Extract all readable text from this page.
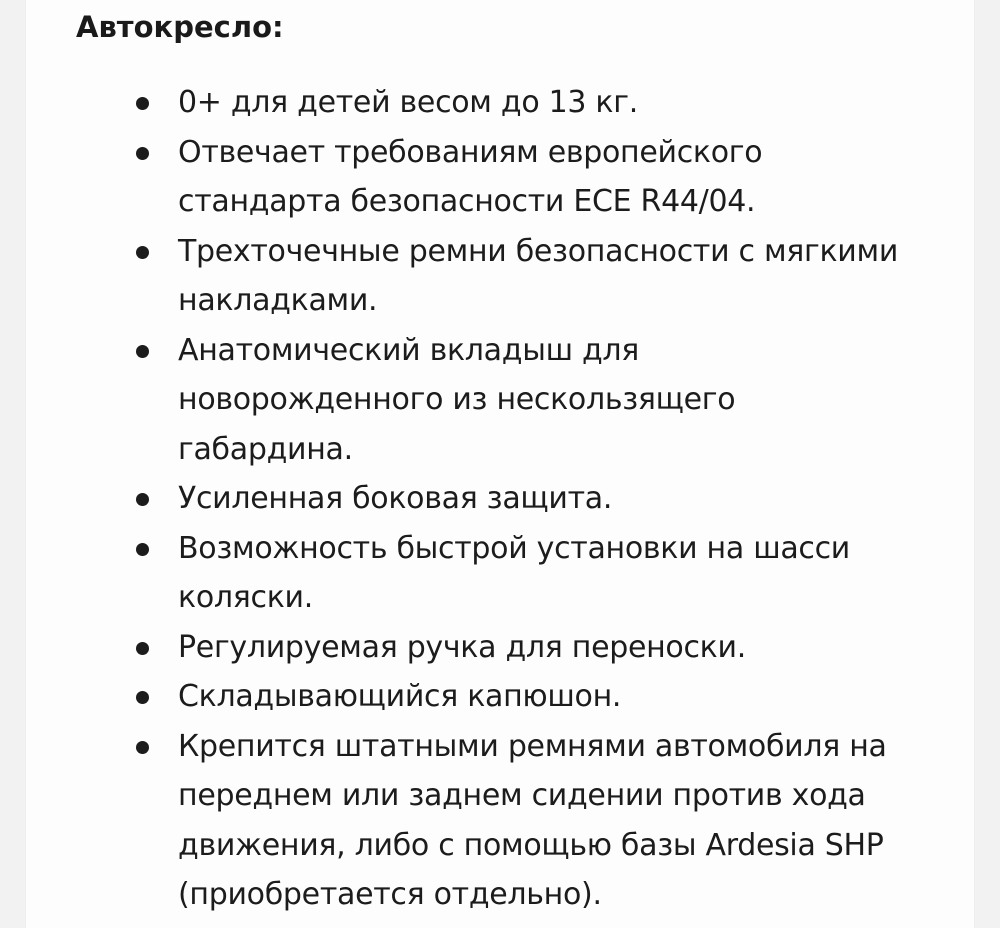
Автокресло:
0+ для детей весом до 13 кг.
Отвечает требованиям европейского стандарта безопасности ECE R44/04.
Трехточечные ремни безопасности с мягкими накладками.
Анатомический вкладыш для новорожденного из нескользящего габардина.
Усиленная боковая защита.
Возможность быстрой установки на шасси коляски.
Регулируемая ручка для переноски.
Складывающийся капюшон.
Крепится штатными ремнями автомобиля на переднем или заднем сидении против хода движения, либо с помощью базы Ardesia SHP (приобретается отдельно).
